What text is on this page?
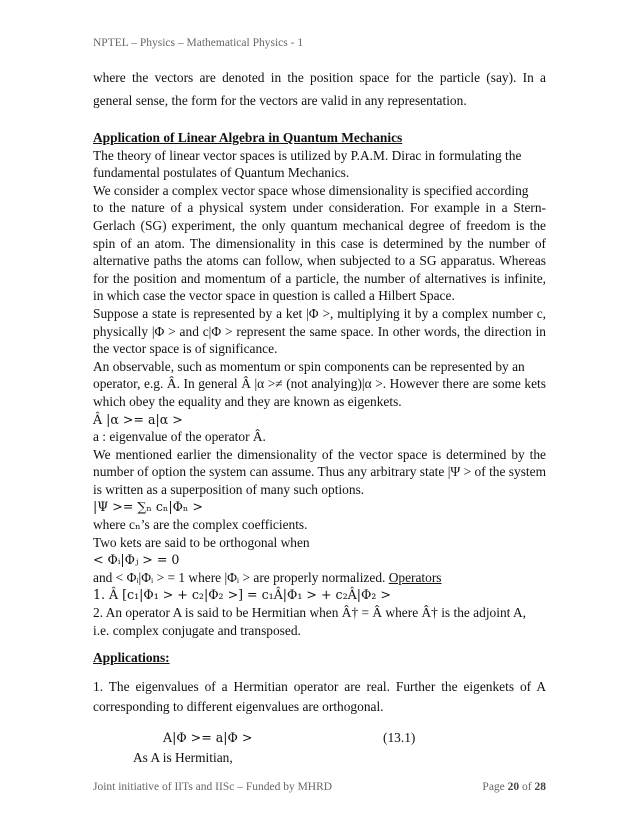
NPTEL – Physics – Mathematical Physics - 1

where the vectors are denoted in the position space for the particle (say). In a general sense, the form for the vectors are valid in any representation.

Application of Linear Algebra in Quantum Mechanics
The theory of linear vector spaces is utilized by P.A.M. Dirac in formulating the
fundamental postulates of Quantum Mechanics.
We consider a complex vector space whose dimensionality is specified according
to the nature of a physical system under consideration. For example in a Stern-Gerlach (SG) experiment, the only quantum mechanical degree of freedom is the spin of an atom. The dimensionality in this case is determined by the number of alternative paths the atoms can follow, when subjected to a SG apparatus. Whereas for the position and momentum of a particle, the number of alternatives is infinite, in which case the vector space in question is called a Hilbert Space.
Suppose a state is represented by a ket |Φ >, multiplying it by a complex number c, physically |Φ > and c|Φ > represent the same space. In other words, the direction in the vector space is of significance.
An observable, such as momentum or spin components can be represented by an
operator, e.g. Â. In general Â |α >≠ (not analying)|α >. However there are some kets which obey the equality and they are known as eigenkets.
Â |α >= a|α >
a : eigenvalue of the operator Â.
We mentioned earlier the dimensionality of the vector space is determined by the number of option the system can assume. Thus any arbitrary state |Ψ > of the system is written as a superposition of many such options.
|Ψ >= ∑ₙ cₙ|Φₙ >
where cₙ’s are the complex coefficients.
Two kets are said to be orthogonal when
< Φᵢ|Φⱼ > = 0
and < Φᵢ|Φᵢ > = 1 where |Φᵢ > are properly normalized. Operators
1. Â [c₁|Φ₁ > + c₂|Φ₂ >] = c₁Â|Φ₁ > + c₂Â|Φ₂ >
2. An operator A is said to be Hermitian when Â† = Â where Â† is the adjoint A,
i.e. complex conjugate and transposed.
Applications:
1. The eigenvalues of a Hermitian operator are real. Further the eigenkets of A corresponding to different eigenvalues are orthogonal.
A|Φ >= a|Φ >	(13.1)
As A is Hermitian,
Joint initiative of IITs and IISc – Funded by MHRD	Page 20 of 28
